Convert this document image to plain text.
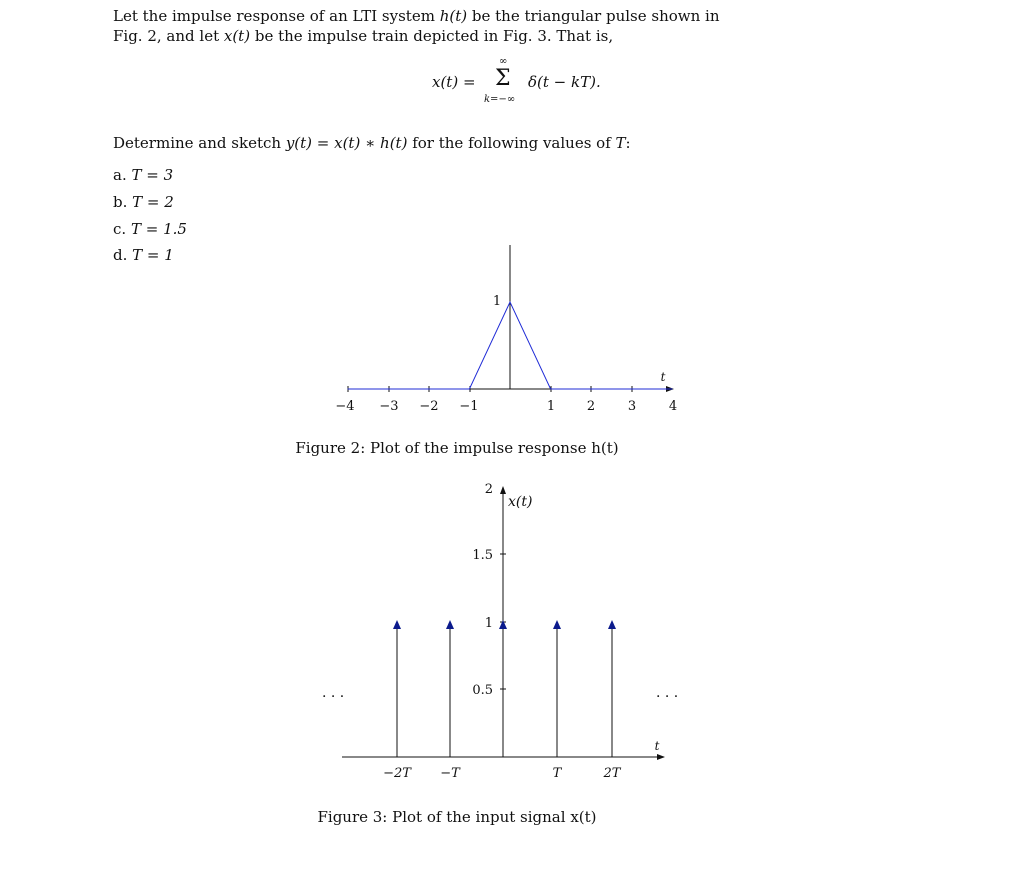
Let the impulse response of an LTI system h(t) be the triangular pulse shown in
Fig. 2, and let x(t) be the impulse train depicted in Fig. 3. That is,
x(t) =
∞
Σ
k=−∞
δ(t − kT).
Determine and sketch y(t) = x(t) ∗ h(t) for the following values of T:
a. T = 3
b. T = 2
c. T = 1.5
d. T = 1
−4 −3 −2 −1	1 2	3	4
1
t
Figure 2: Plot of the impulse response h(t)
2
1.5
1
0.5
−2T −T	T	2T
x(t)
t
· · ·	· · ·
Figure 3: Plot of the input signal x(t)
